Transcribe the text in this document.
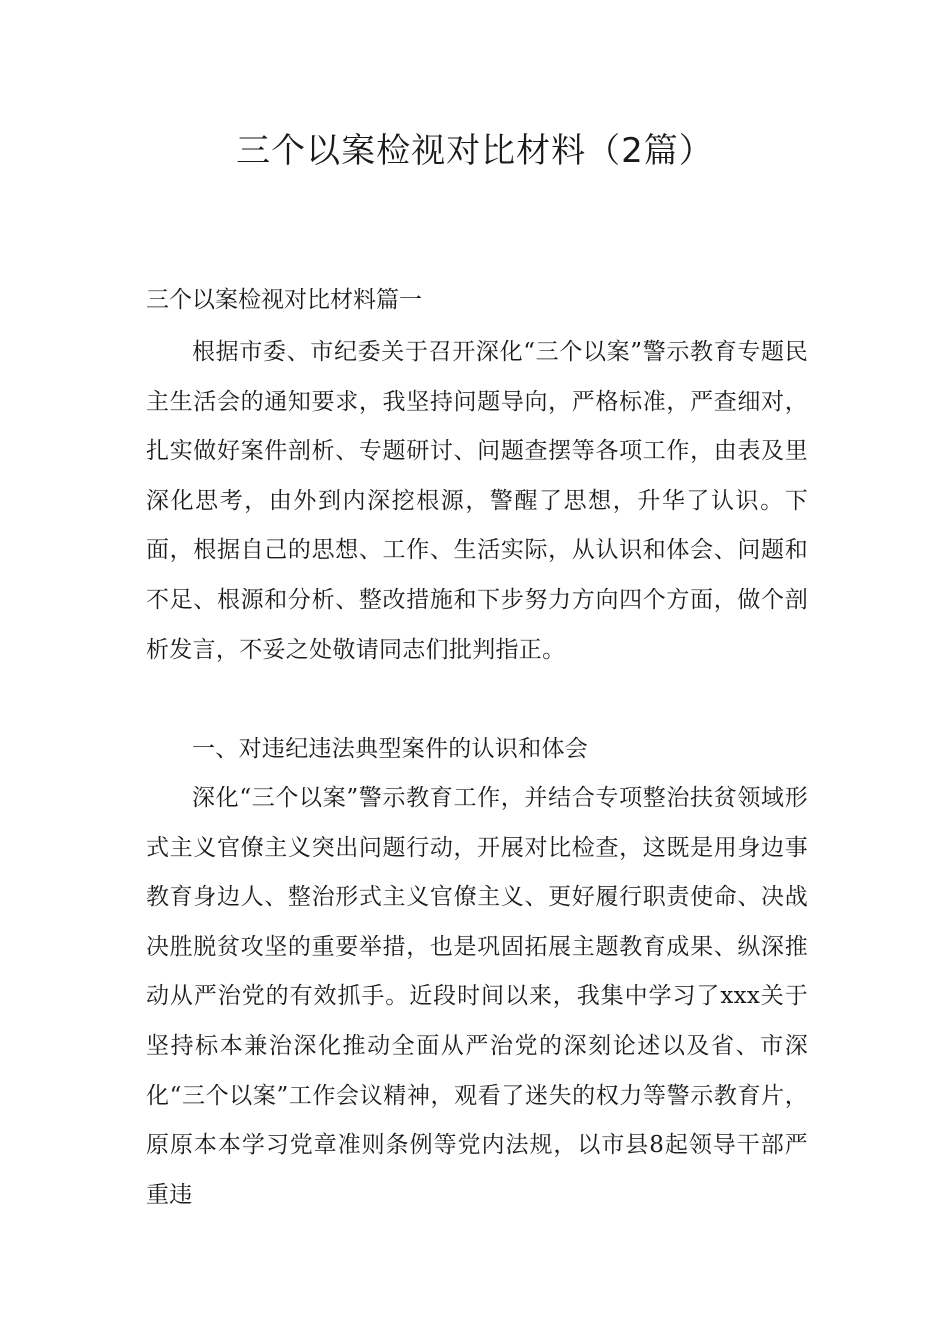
三个以案检视对比材料（2篇）

三个以案检视对比材料篇一

根据市委、市纪委关于召开深化“三个以案”警示教育专题民主生活会的通知要求，我坚持问题导向，严格标准，严查细对，扎实做好案件剖析、专题研讨、问题查摆等各项工作，由表及里深化思考，由外到内深挖根源，警醒了思想，升华了认识。下面，根据自己的思想、工作、生活实际，从认识和体会、问题和不足、根源和分析、整改措施和下步努力方向四个方面，做个剖析发言，不妥之处敬请同志们批判指正。

一、对违纪违法典型案件的认识和体会

深化“三个以案”警示教育工作，并结合专项整治扶贫领域形式主义官僚主义突出问题行动，开展对比检查，这既是用身边事教育身边人、整治形式主义官僚主义、更好履行职责使命、决战决胜脱贫攻坚的重要举措，也是巩固拓展主题教育成果、纵深推动从严治党的有效抓手。近段时间以来，我集中学习了xxx关于坚持标本兼治深化推动全面从严治党的深刻论述以及省、市深化“三个以案”工作会议精神，观看了迷失的权力等警示教育片，原原本本学习党章准则条例等党内法规，以市县8起领导干部严重违
